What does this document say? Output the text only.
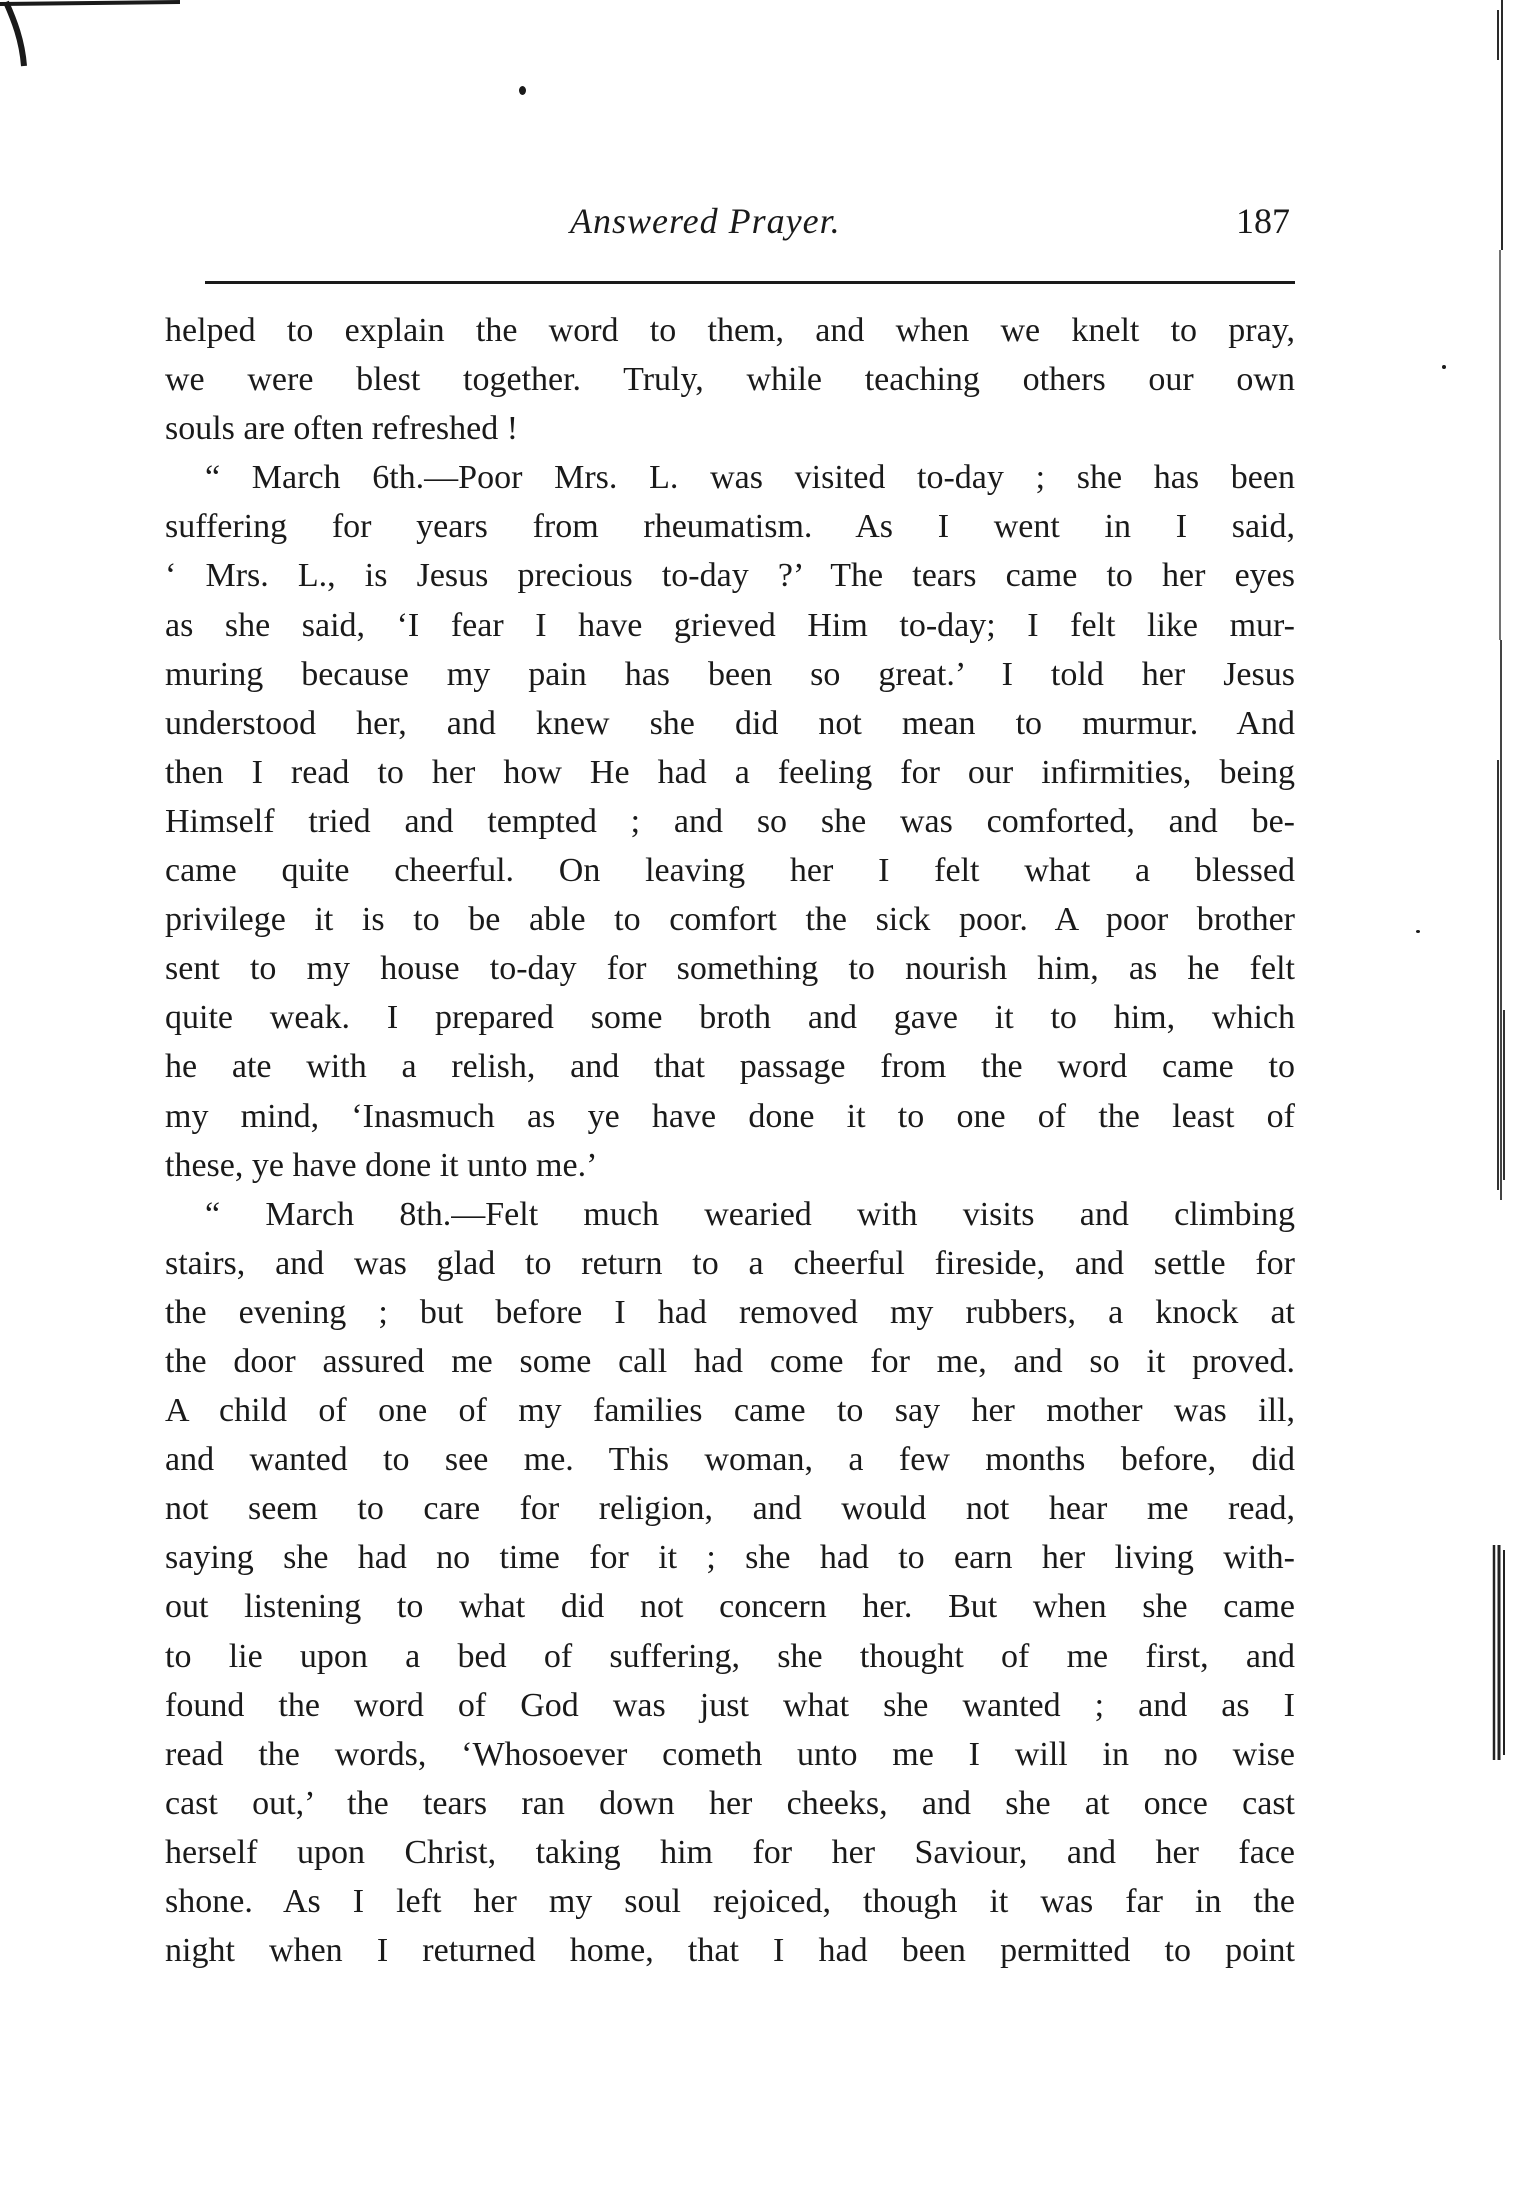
Answered Prayer.	187
helped to explain the word to them, and when we knelt to pray,
we were blest together. Truly, while teaching others our own
souls are often refreshed !
“ March 6th.—Poor Mrs. L. was visited to-day ; she has been
suffering for years from rheumatism. As I went in I said,
‘ Mrs. L., is Jesus precious to-day ?’ The tears came to her eyes
as she said, ‘I fear I have grieved Him to-day; I felt like mur-
muring because my pain has been so great.’ I told her Jesus
understood her, and knew she did not mean to murmur. And
then I read to her how He had a feeling for our infirmities, being
Himself tried and tempted ; and so she was comforted, and be-
came quite cheerful. On leaving her I felt what a blessed
privilege it is to be able to comfort the sick poor. A poor brother
sent to my house to-day for something to nourish him, as he felt
quite weak. I prepared some broth and gave it to him, which
he ate with a relish, and that passage from the word came to
my mind, ‘Inasmuch as ye have done it to one of the least of
these, ye have done it unto me.’
“ March 8th.—Felt much wearied with visits and climbing
stairs, and was glad to return to a cheerful fireside, and settle for
the evening ; but before I had removed my rubbers, a knock at
the door assured me some call had come for me, and so it proved.
A child of one of my families came to say her mother was ill,
and wanted to see me. This woman, a few months before, did
not seem to care for religion, and would not hear me read,
saying she had no time for it ; she had to earn her living with-
out listening to what did not concern her. But when she came
to lie upon a bed of suffering, she thought of me first, and
found the word of God was just what she wanted ; and as I
read the words, ‘Whosoever cometh unto me I will in no wise
cast out,’ the tears ran down her cheeks, and she at once cast
herself upon Christ, taking him for her Saviour, and her face
shone. As I left her my soul rejoiced, though it was far in the
night when I returned home, that I had been permitted to point
